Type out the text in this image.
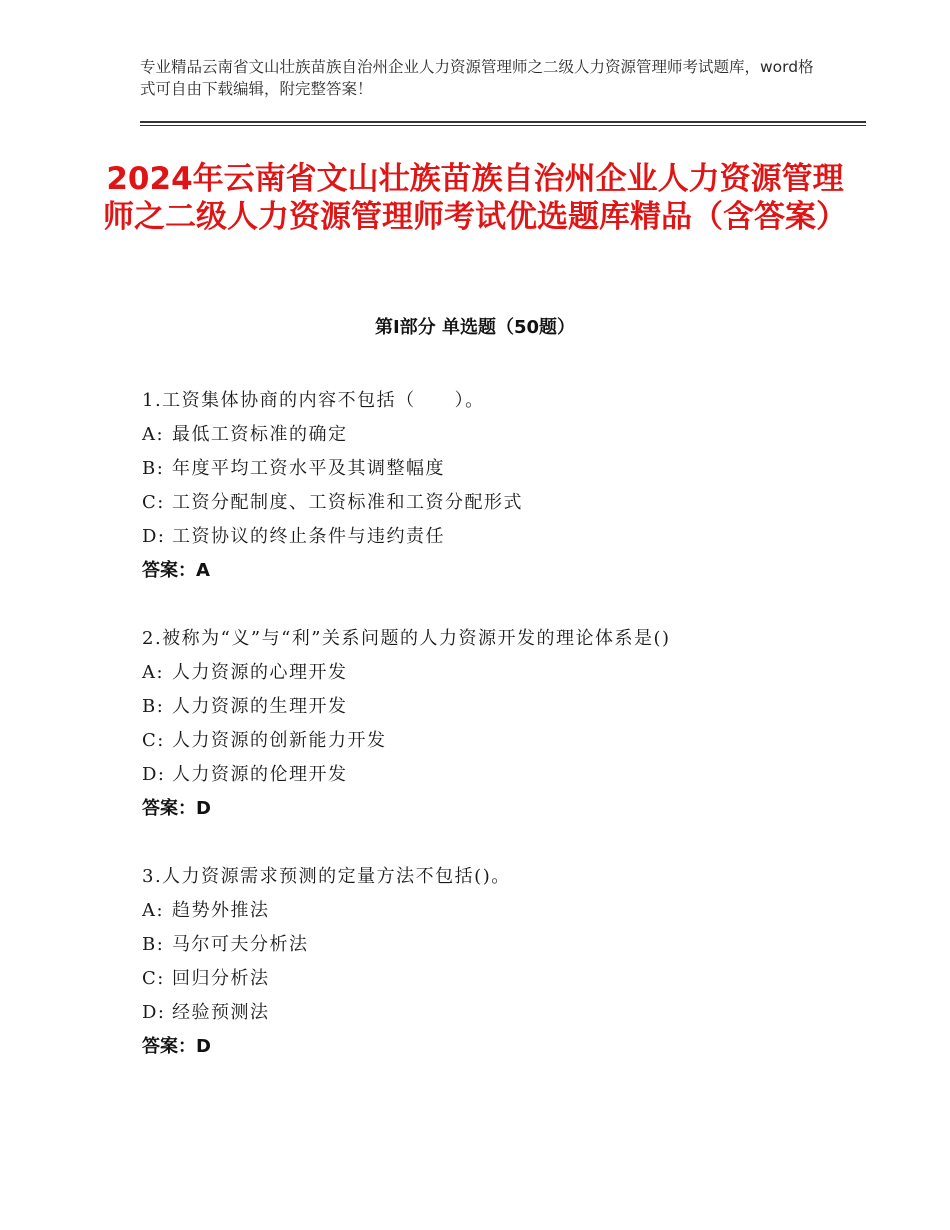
专业精品云南省文山壮族苗族自治州企业人力资源管理师之二级人力资源管理师考试题库，word格式可自由下载编辑，附完整答案！
2024年云南省文山壮族苗族自治州企业人力资源管理师之二级人力资源管理师考试优选题库精品（含答案）
第Ⅰ部分 单选题（50题）
1.工资集体协商的内容不包括（　　）。
A: 最低工资标准的确定
B: 年度平均工资水平及其调整幅度
C: 工资分配制度、工资标准和工资分配形式
D: 工资协议的终止条件与违约责任
答案：A
2.被称为“义”与“利”关系问题的人力资源开发的理论体系是()
A: 人力资源的心理开发
B: 人力资源的生理开发
C: 人力资源的创新能力开发
D: 人力资源的伦理开发
答案：D
3.人力资源需求预测的定量方法不包括()。
A: 趋势外推法
B: 马尔可夫分析法
C: 回归分析法
D: 经验预测法
答案：D
